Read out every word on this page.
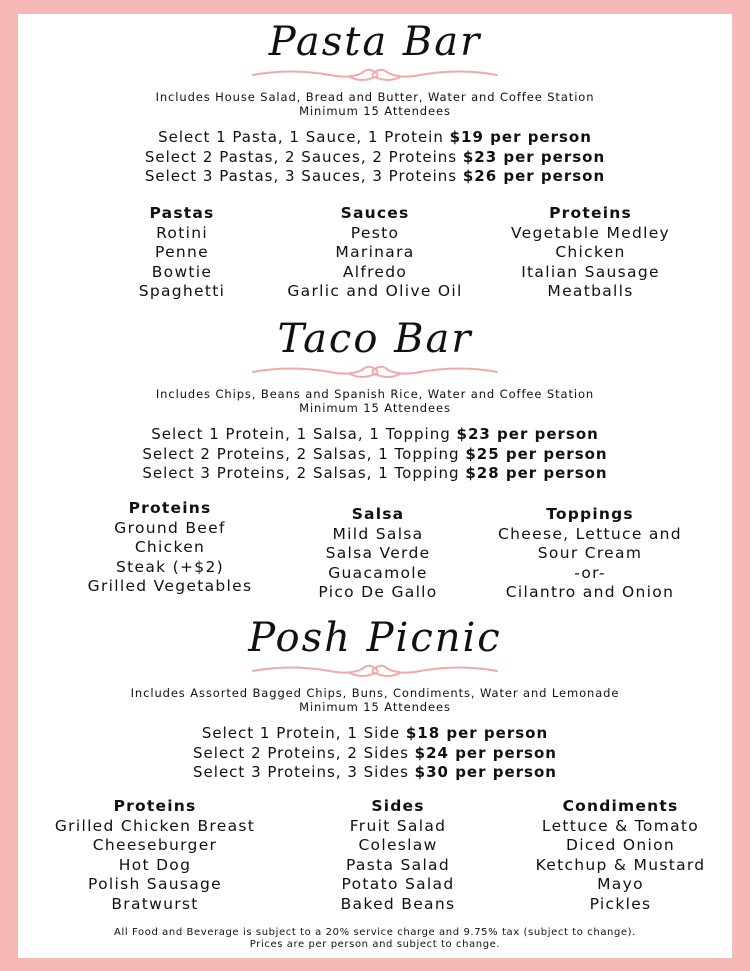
Pasta Bar
Includes House Salad, Bread and Butter, Water and Coffee Station
Minimum 15 Attendees
Select 1 Pasta, 1 Sauce, 1 Protein $19 per person
Select 2 Pastas, 2 Sauces, 2 Proteins $23 per person
Select 3 Pastas, 3 Sauces, 3 Proteins $26 per person
Pastas
Rotini
Penne
Bowtie
Spaghetti
Sauces
Pesto
Marinara
Alfredo
Garlic and Olive Oil
Proteins
Vegetable Medley
Chicken
Italian Sausage
Meatballs
Taco Bar
Includes Chips, Beans and Spanish Rice, Water and Coffee Station
Minimum 15 Attendees
Select 1 Protein, 1 Salsa, 1 Topping $23 per person
Select 2 Proteins, 2 Salsas, 1 Topping $25 per person
Select 3 Proteins, 2 Salsas, 1 Topping $28 per person
Proteins
Ground Beef
Chicken
Steak (+$2)
Grilled Vegetables
Salsa
Mild Salsa
Salsa Verde
Guacamole
Pico De Gallo
Toppings
Cheese, Lettuce and
Sour Cream
-or-
Cilantro and Onion
Posh Picnic
Includes Assorted Bagged Chips, Buns, Condiments, Water and Lemonade
Minimum 15 Attendees
Select 1 Protein, 1 Side $18 per person
Select 2 Proteins, 2 Sides $24 per person
Select 3 Proteins, 3 Sides $30 per person
Proteins
Grilled Chicken Breast
Cheeseburger
Hot Dog
Polish Sausage
Bratwurst
Sides
Fruit Salad
Coleslaw
Pasta Salad
Potato Salad
Baked Beans
Condiments
Lettuce & Tomato
Diced Onion
Ketchup & Mustard
Mayo
Pickles
All Food and Beverage is subject to a 20% service charge and 9.75% tax (subject to change).
Prices are per person and subject to change.
